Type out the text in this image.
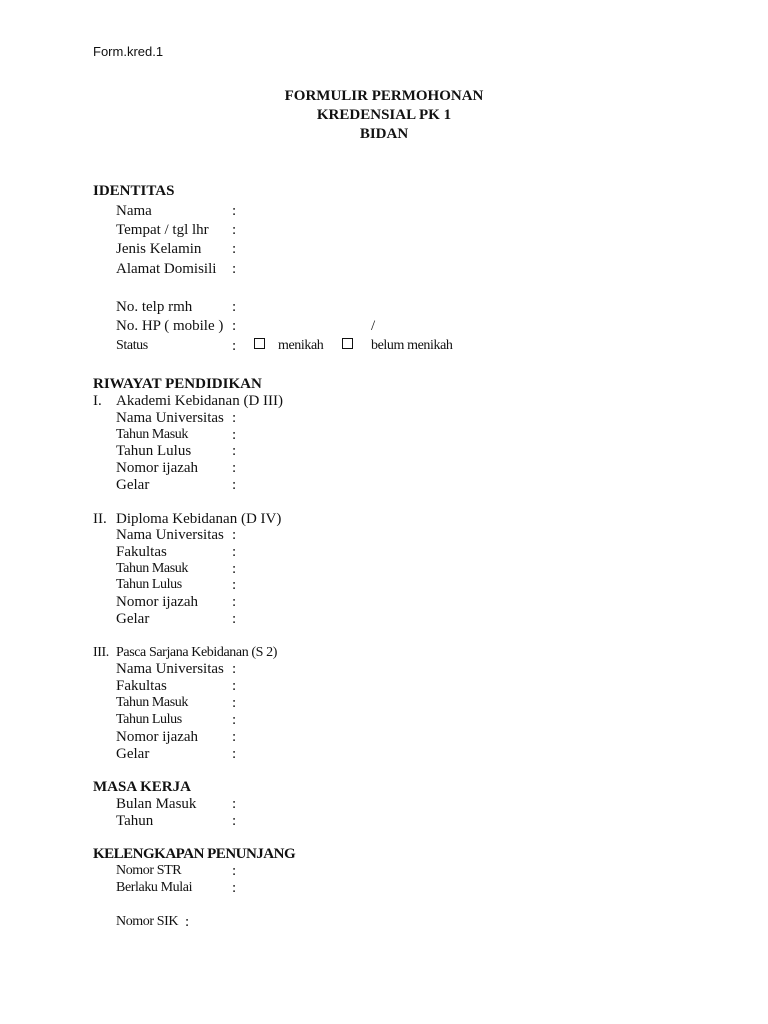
Form.kred.1
FORMULIR PERMOHONAN
KREDENSIAL PK 1
BIDAN
IDENTITAS
Nama	:
Tempat / tgl lhr :
Jenis Kelamin :
Alamat Domisili :
No. telp rmh	:
No. HP ( mobile ) :	/
Status	:	menikah	belum menikah
RIWAYAT PENDIDIKAN
I. Akademi Kebidanan (D III)
Nama Universitas :
Tahun Masuk	:
Tahun Lulus	:
Nomor ijazah :
Gelar	:
II. Diploma Kebidanan (D IV)
Nama Universitas :
Fakultas	:
Tahun Masuk	:
Tahun Lulus	:
Nomor ijazah :
Gelar	:
III. Pasca Sarjana Kebidanan (S 2)
Nama Universitas :
Fakultas	:
Tahun Masuk	:
Tahun Lulus	:
Nomor ijazah :
Gelar	:
MASA KERJA
Bulan Masuk :
Tahun	:
KELENGKAPAN PENUNJANG
Nomor STR	:
Berlaku Mulai	:
Nomor SIK :
